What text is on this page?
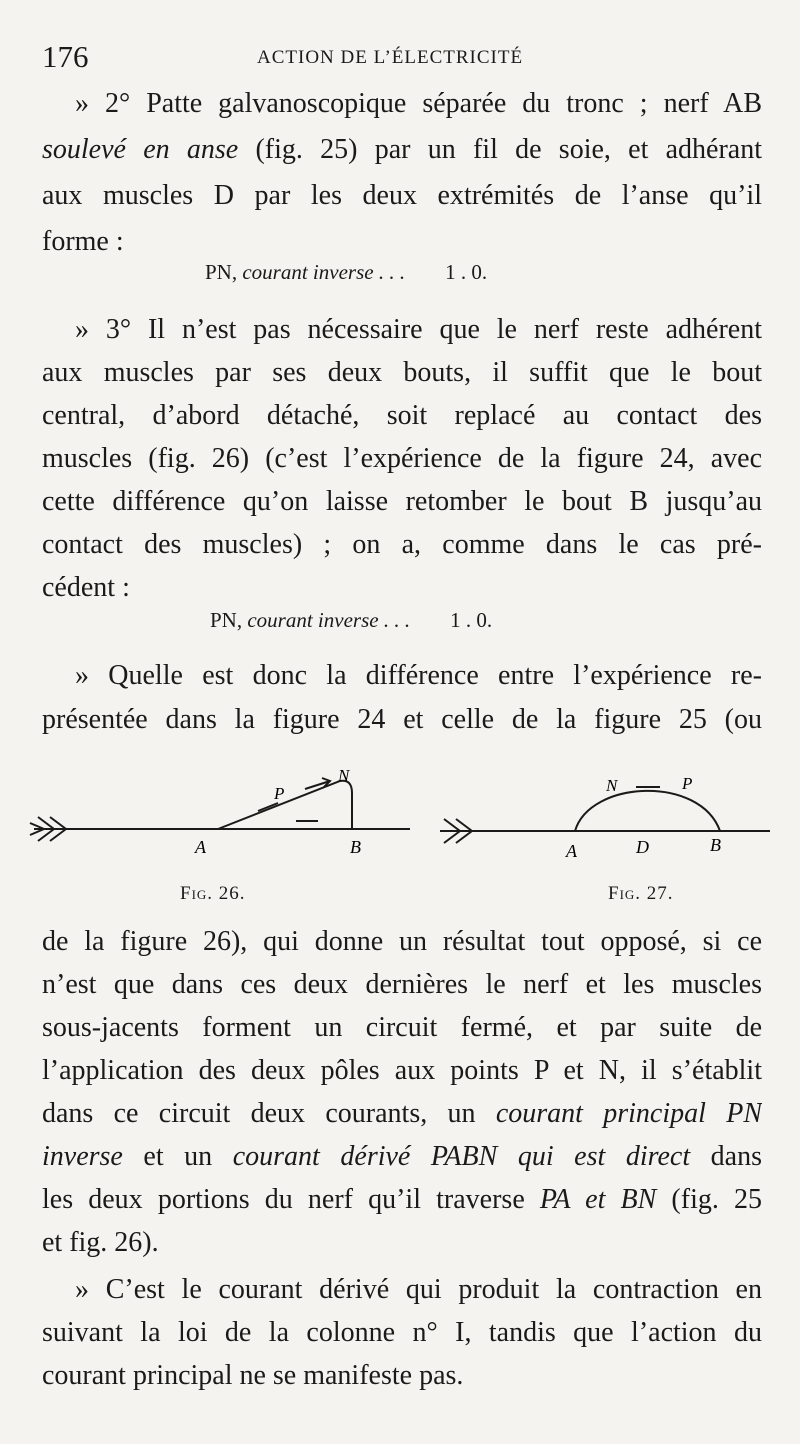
176	ACTION DE L’ÉLECTRICITÉ
» 2° Patte galvanoscopique séparée du tronc ; nerf AB
soulevé en anse (fig. 25) par un fil de soie, et adhérant
aux muscles D par les deux extrémités de l’anse qu’il
forme :
PN, courant inverse . . . 1 . 0.
» 3° Il n’est pas nécessaire que le nerf reste adhérent
aux muscles par ses deux bouts, il suffit que le bout
central, d’abord détaché, soit replacé au contact des
muscles (fig. 26) (c’est l’expérience de la figure 24, avec
cette différence qu’on laisse retomber le bout B jusqu’au
contact des muscles) ; on a, comme dans le cas pré-
cédent :
PN, courant inverse . . . 1 . 0.
» Quelle est donc la différence entre l’expérience re-
présentée dans la figure 24 et celle de la figure 25 (ou
A	B
P
N
A	D	B
N	P
Fig. 26.	Fig. 27.
de la figure 26), qui donne un résultat tout opposé, si ce
n’est que dans ces deux dernières le nerf et les muscles
sous-jacents forment un circuit fermé, et par suite de
l’application des deux pôles aux points P et N, il s’établit
dans ce circuit deux courants, un courant principal PN
inverse et un courant dérivé PABN qui est direct dans
les deux portions du nerf qu’il traverse PA et BN (fig. 25
et fig. 26).
» C’est le courant dérivé qui produit la contraction en
suivant la loi de la colonne n° I, tandis que l’action du
courant principal ne se manifeste pas.
